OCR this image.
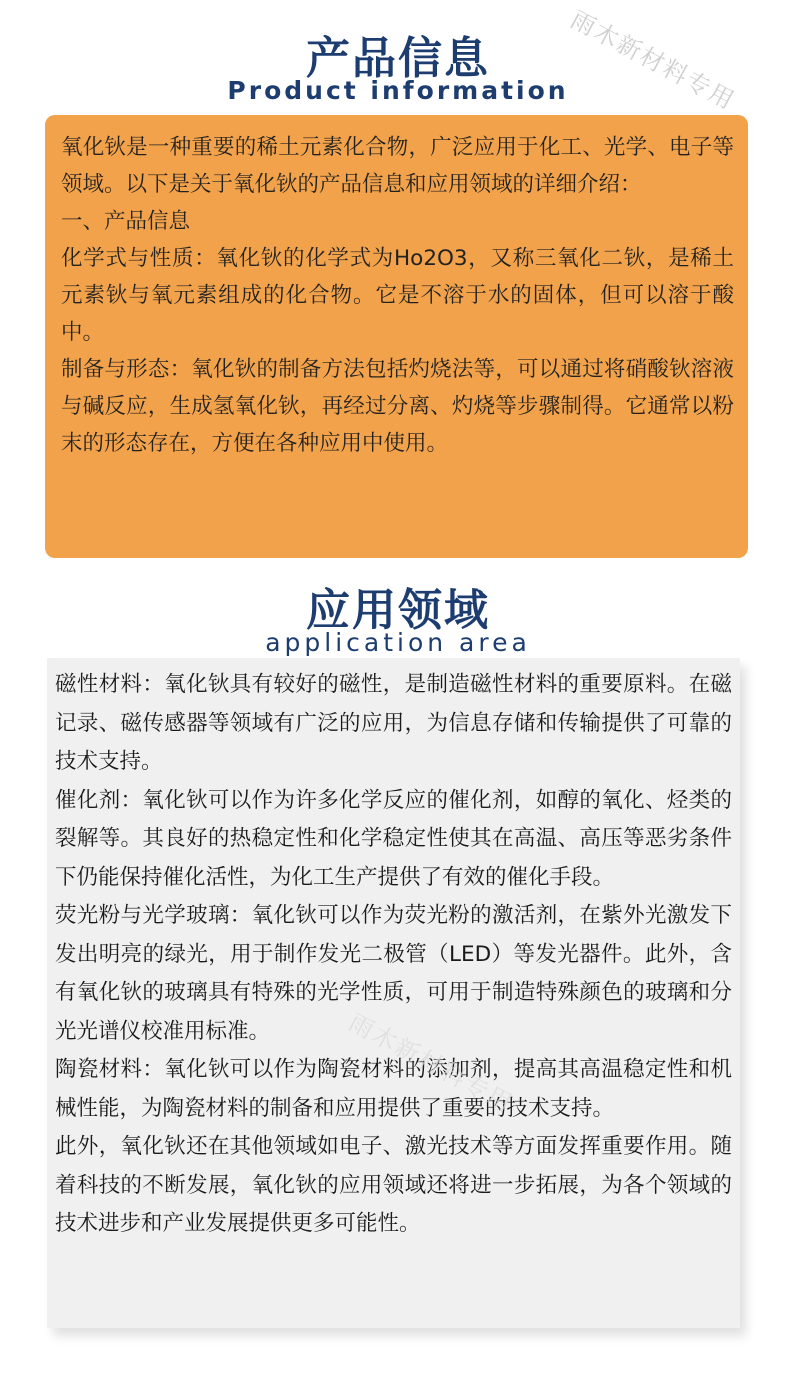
雨木新材料专用
产品信息
Product information

氧化钬是一种重要的稀土元素化合物，广泛应用于化工、光学、电子等领域。以下是关于氧化钬的产品信息和应用领域的详细介绍：

一、产品信息

化学式与性质：氧化钬的化学式为Ho2O3，又称三氧化二钬，是稀土元素钬与氧元素组成的化合物。它是不溶于水的固体，但可以溶于酸中。

制备与形态：氧化钬的制备方法包括灼烧法等，可以通过将硝酸钬溶液与碱反应，生成氢氧化钬，再经过分离、灼烧等步骤制得。它通常以粉末的形态存在，方便在各种应用中使用。

应用领域
application area

磁性材料：氧化钬具有较好的磁性，是制造磁性材料的重要原料。在磁记录、磁传感器等领域有广泛的应用，为信息存储和传输提供了可靠的技术支持。

催化剂：氧化钬可以作为许多化学反应的催化剂，如醇的氧化、烃类的裂解等。其良好的热稳定性和化学稳定性使其在高温、高压等恶劣条件下仍能保持催化活性，为化工生产提供了有效的催化手段。

荧光粉与光学玻璃：氧化钬可以作为荧光粉的激活剂，在紫外光激发下发出明亮的绿光，用于制作发光二极管（LED）等发光器件。此外，含有氧化钬的玻璃具有特殊的光学性质，可用于制造特殊颜色的玻璃和分光光谱仪校准用标准。

陶瓷材料：氧化钬可以作为陶瓷材料的添加剂，提高其高温稳定性和机械性能，为陶瓷材料的制备和应用提供了重要的技术支持。

此外，氧化钬还在其他领域如电子、激光技术等方面发挥重要作用。随着科技的不断发展，氧化钬的应用领域还将进一步拓展，为各个领域的技术进步和产业发展提供更多可能性。

雨木新材料专用
